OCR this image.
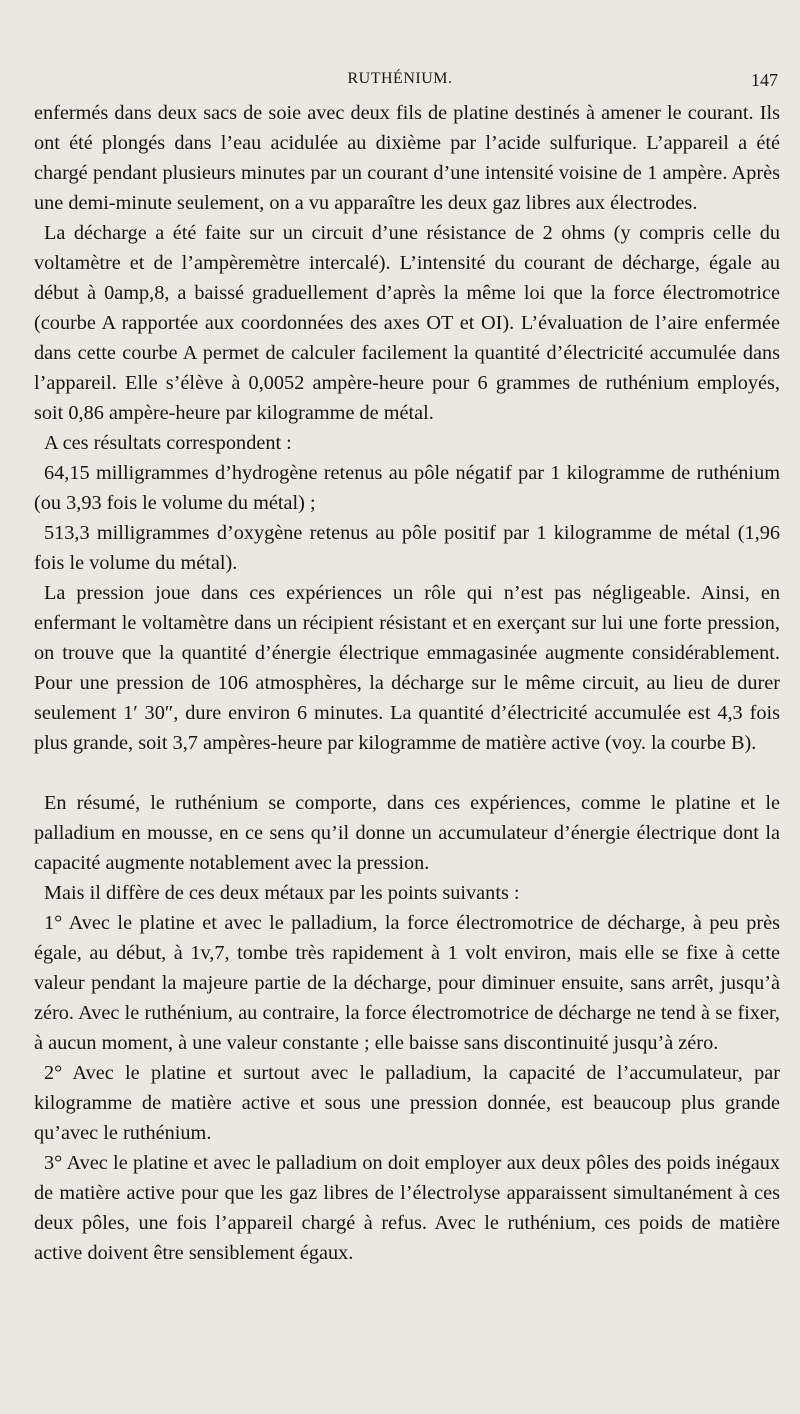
RUTHÉNIUM.	147

enfermés dans deux sacs de soie avec deux fils de platine destinés à amener le courant. Ils ont été plongés dans l’eau acidulée au dixième par l’acide sulfurique. L’appareil a été chargé pendant plusieurs minutes par un courant d’une intensité voisine de 1 ampère. Après une demi-minute seulement, on a vu apparaître les deux gaz libres aux électrodes.

La décharge a été faite sur un circuit d’une résistance de 2 ohms (y compris celle du voltamètre et de l’ampèremètre intercalé). L’intensité du courant de décharge, égale au début à 0amp,8, a baissé graduellement d’après la même loi que la force électromotrice (courbe A rapportée aux coordonnées des axes OT et OI). L’évaluation de l’aire enfermée dans cette courbe A permet de calculer facilement la quantité d’électricité accumulée dans l’appareil. Elle s’élève à 0,0052 ampère-heure pour 6 grammes de ruthénium employés, soit 0,86 ampère-heure par kilogramme de métal.

A ces résultats correspondent :

64,15 milligrammes d’hydrogène retenus au pôle négatif par 1 kilogramme de ruthénium (ou 3,93 fois le volume du métal) ;

513,3 milligrammes d’oxygène retenus au pôle positif par 1 kilogramme de métal (1,96 fois le volume du métal).

La pression joue dans ces expériences un rôle qui n’est pas négligeable. Ainsi, en enfermant le voltamètre dans un récipient résistant et en exerçant sur lui une forte pression, on trouve que la quantité d’énergie électrique emmagasinée augmente considérablement. Pour une pression de 106 atmosphères, la décharge sur le même circuit, au lieu de durer seulement 1′ 30″, dure environ 6 minutes. La quantité d’électricité accumulée est 4,3 fois plus grande, soit 3,7 ampères-heure par kilogramme de matière active (voy. la courbe B).

En résumé, le ruthénium se comporte, dans ces expériences, comme le platine et le palladium en mousse, en ce sens qu’il donne un accumulateur d’énergie électrique dont la capacité augmente notablement avec la pression.

Mais il diffère de ces deux métaux par les points suivants :

1° Avec le platine et avec le palladium, la force électromotrice de décharge, à peu près égale, au début, à 1v,7, tombe très rapidement à 1 volt environ, mais elle se fixe à cette valeur pendant la majeure partie de la décharge, pour diminuer ensuite, sans arrêt, jusqu’à zéro. Avec le ruthénium, au contraire, la force électromotrice de décharge ne tend à se fixer, à aucun moment, à une valeur constante ; elle baisse sans discontinuité jusqu’à zéro.

2° Avec le platine et surtout avec le palladium, la capacité de l’accumulateur, par kilogramme de matière active et sous une pression donnée, est beaucoup plus grande qu’avec le ruthénium.

3° Avec le platine et avec le palladium on doit employer aux deux pôles des poids inégaux de matière active pour que les gaz libres de l’électrolyse apparaissent simultanément à ces deux pôles, une fois l’appareil chargé à refus. Avec le ruthénium, ces poids de matière active doivent être sensiblement égaux.
